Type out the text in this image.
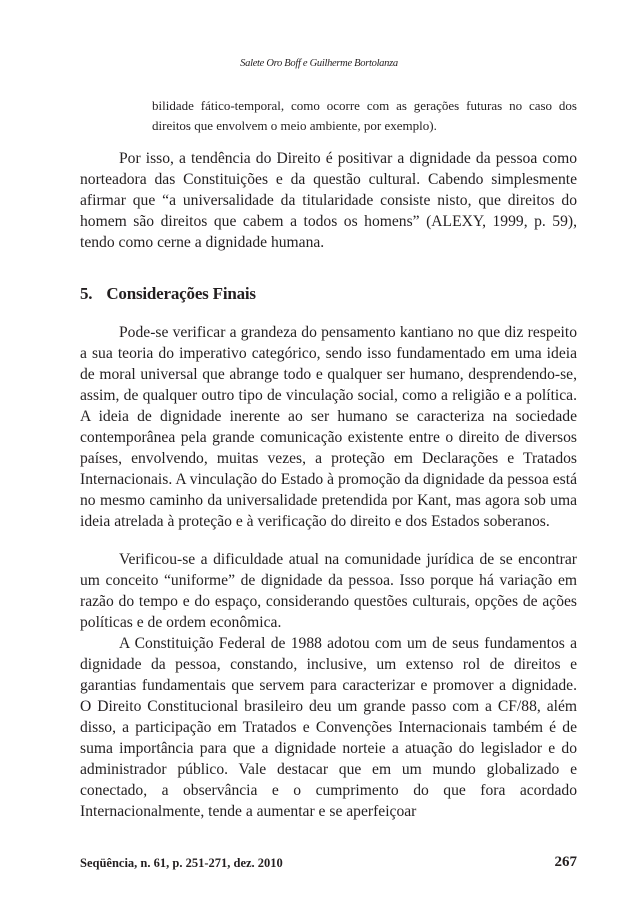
Salete Oro Boff e Guilherme Bortolanza
bilidade fático-temporal, como ocorre com as gerações futuras no caso dos direitos que envolvem o meio ambiente, por exemplo).

Por isso, a tendência do Direito é positivar a dignidade da pessoa como norteadora das Constituições e da questão cultural. Cabendo simplesmente afirmar que “a universalidade da titularidade consiste nisto, que direitos do homem são direitos que cabem a todos os homens” (ALEXY, 1999, p. 59), tendo como cerne a dignidade humana.

5. Considerações Finais

Pode-se verificar a grandeza do pensamento kantiano no que diz respeito a sua teoria do imperativo categórico, sendo isso fundamentado em uma ideia de moral universal que abrange todo e qualquer ser humano, desprendendo-se, assim, de qualquer outro tipo de vinculação social, como a religião e a política. A ideia de dignidade inerente ao ser humano se caracteriza na sociedade contemporânea pela grande comunicação existente entre o direito de diversos países, envolvendo, muitas vezes, a proteção em Declarações e Tratados Internacionais. A vinculação do Estado à promoção da dignidade da pessoa está no mesmo caminho da universalidade pretendida por Kant, mas agora sob uma ideia atrelada à proteção e à verificação do direito e dos Estados soberanos.

Verificou-se a dificuldade atual na comunidade jurídica de se encontrar um conceito “uniforme” de dignidade da pessoa. Isso porque há variação em razão do tempo e do espaço, considerando questões culturais, opções de ações políticas e de ordem econômica.

A Constituição Federal de 1988 adotou com um de seus fundamentos a dignidade da pessoa, constando, inclusive, um extenso rol de direitos e garantias fundamentais que servem para caracterizar e promover a dignidade. O Direito Constitucional brasileiro deu um grande passo com a CF/88, além disso, a participação em Tratados e Convenções Internacionais também é de suma importância para que a dignidade norteie a atuação do legislador e do administrador público. Vale destacar que em um mundo globalizado e conectado, a observância e o cumprimento do que fora acordado Internacionalmente, tende a aumentar e se aperfeiçoar

Seqüência, n. 61, p. 251-271, dez. 2010	267
